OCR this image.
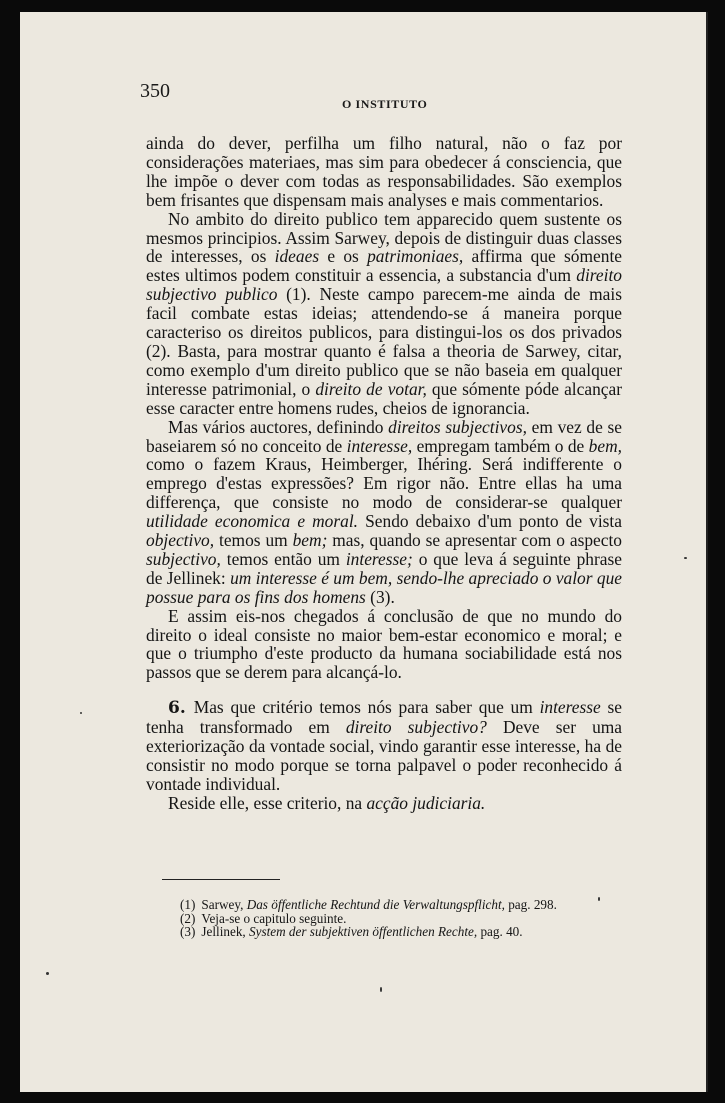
350
O INSTITUTO

ainda do dever, perfilha um filho natural, não o faz por considerações materiaes, mas sim para obedecer á consciencia, que lhe impõe o dever com todas as responsabilidades. São exemplos bem frisantes que dispensam mais analyses e mais commentarios.

No ambito do direito publico tem apparecido quem sustente os mesmos principios. Assim Sarwey, depois de distinguir duas classes de interesses, os ideaes e os patrimoniaes, affirma que sómente estes ultimos podem constituir a essencia, a substancia d'um direito subjectivo publico (1). Neste campo parecem-me ainda de mais facil combate estas ideias; attendendo-se á maneira porque caracteriso os direitos publicos, para distingui-los os dos privados (2). Basta, para mostrar quanto é falsa a theoria de Sarwey, citar, como exemplo d'um direito publico que se não baseia em qualquer interesse patrimonial, o direito de votar, que sómente póde alcançar esse caracter entre homens rudes, cheios de ignorancia.

Mas vários auctores, definindo direitos subjectivos, em vez de se baseiarem só no conceito de interesse, empregam também o de bem, como o fazem Kraus, Heimberger, Ihéring. Será indifferente o emprego d'estas expressões? Em rigor não. Entre ellas ha uma differença, que consiste no modo de considerar-se qualquer utilidade economica e moral. Sendo debaixo d'um ponto de vista objectivo, temos um bem; mas, quando se apresentar com o aspecto subjectivo, temos então um interesse; o que leva á seguinte phrase de Jellinek: um interesse é um bem, sendo-lhe apreciado o valor que possue para os fins dos homens (3).

E assim eis-nos chegados á conclusão de que no mundo do direito o ideal consiste no maior bem-estar economico e moral; e que o triumpho d'este producto da humana sociabilidade está nos passos que se derem para alcançá-lo.

6. Mas que critério temos nós para saber que um interesse se tenha transformado em direito subjectivo? Deve ser uma exteriorização da vontade social, vindo garantir esse interesse, ha de consistir no modo porque se torna palpavel o poder reconhecido á vontade individual.

Reside elle, esse criterio, na acção judiciaria.

(1) Sarwey, Das öffentliche Rechtund die Verwaltungspflicht, pag. 298.
(2) Veja-se o capitulo seguinte.
(3) Jellinek, System der subjektiven öffentlichen Rechte, pag. 40.
